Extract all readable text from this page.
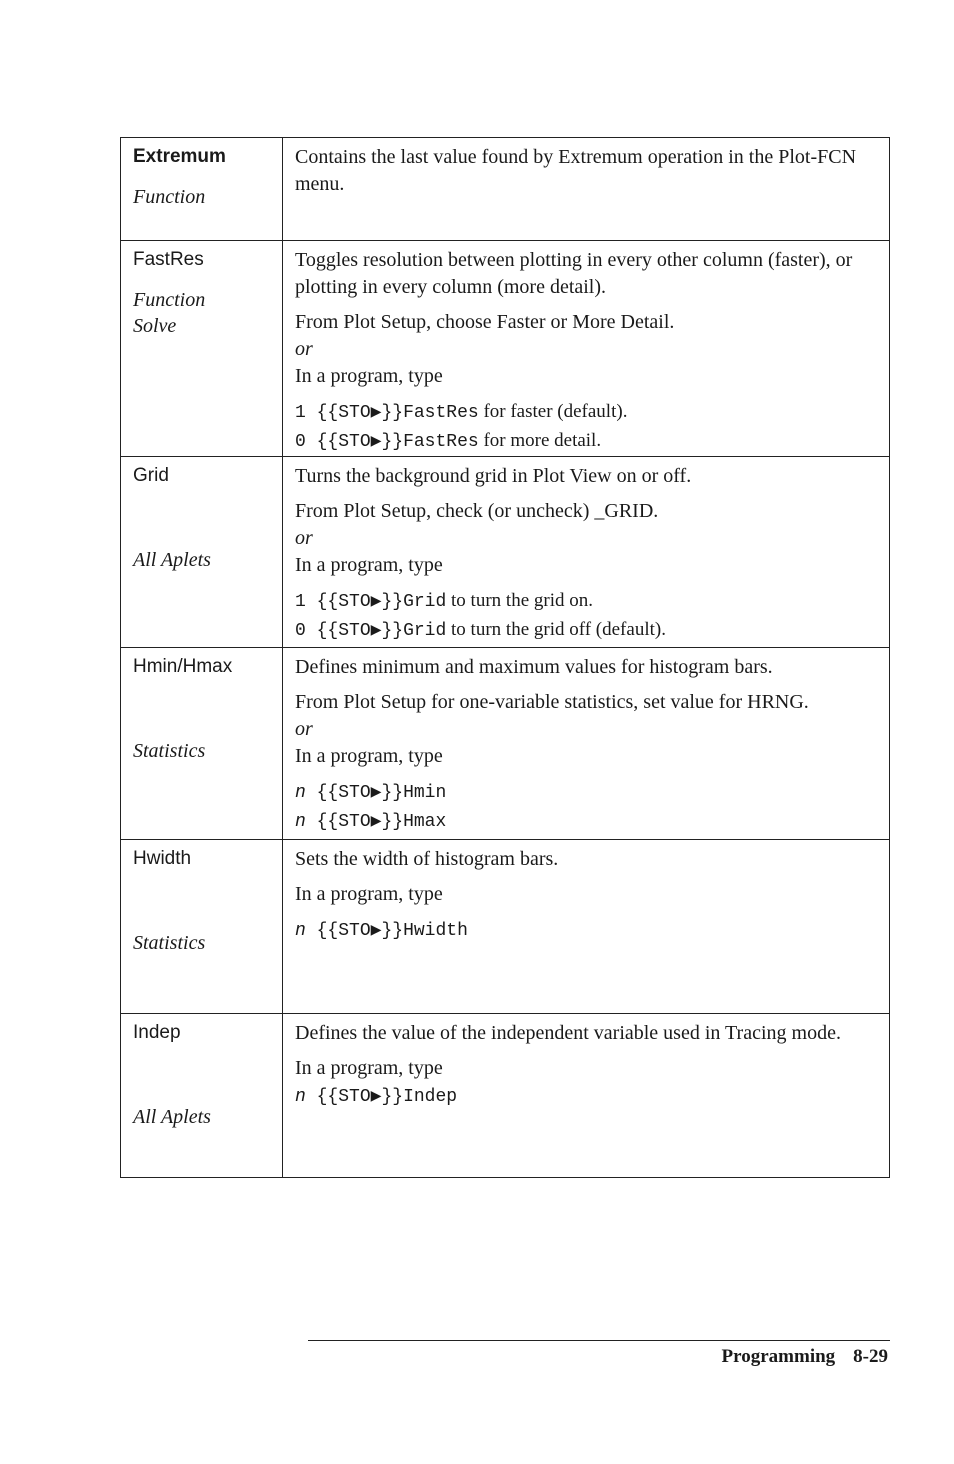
Extremum
Function

Contains the last value found by Extremum operation in the Plot-FCN menu.

FastRes
Function
Solve

Toggles resolution between plotting in every other column (faster), or plotting in every column (more detail).

From Plot Setup, choose Faster or More Detail.

or

In a program, type

1 {{STO▶}}FastRes for faster (default).
0 {{STO▶}}FastRes for more detail.
Grid
All Aplets

Turns the background grid in Plot View on or off.

From Plot Setup, check (or uncheck) _GRID.

or

In a program, type

1 {{STO▶}}Grid to turn the grid on.
0 {{STO▶}}Grid to turn the grid off (default).
Hmin/Hmax
Statistics

Defines minimum and maximum values for histogram bars.

From Plot Setup for one-variable statistics, set value for HRNG.

or

In a program, type

n {{STO▶}}Hmin
n {{STO▶}}Hmax
Hwidth
Statistics

Sets the width of histogram bars.

In a program, type

n {{STO▶}}Hwidth
Indep
All Aplets

Defines the value of the independent variable used in Tracing mode.

In a program, type

n {{STO▶}}Indep
Programming 8-29
